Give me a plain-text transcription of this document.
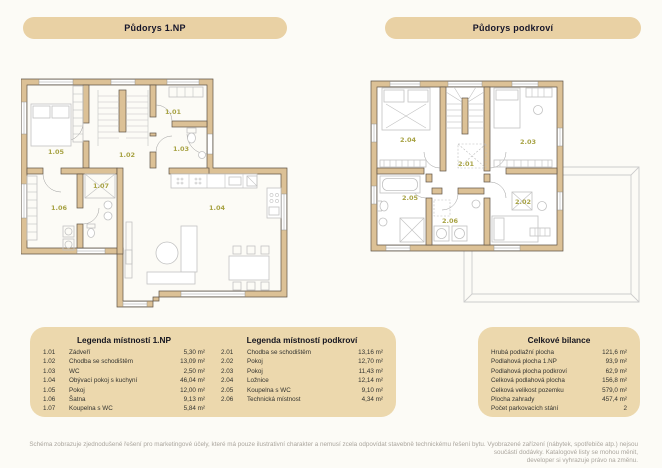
Půdorys 1.NP	Půdorys podkroví
1.01
1.02
1.03
1.04
1.05
1.06
1.07
2.01
2.02
2.03
2.04
2.05
2.06
Legenda místností 1.NP
1.01	Zádveří	5,30 m²
1.02	Chodba se schodištěm	13,09 m²
1.03	WC	2,50 m²
1.04	Obývací pokoj s kuchyní	46,04 m²
1.05	Pokoj	12,00 m²
1.06	Šatna	9,13 m²
1.07	Koupelna s WC	5,84 m²
Legenda místností podkroví
2.01	Chodba se schodištěm	13,16 m²
2.02	Pokoj	12,70 m²
2.03	Pokoj	11,43 m²
2.04	Ložnice	12,14 m²
2.05	Koupelna s WC	9,10 m²
2.06	Technická místnost	4,34 m²
Celkové bilance
Hrubá podlažní plocha	121,6 m²
Podlahová plocha 1.NP	93,9 m²
Podlahová plocha podkroví	62,9 m²
Celková podlahová plocha	156,8 m²
Celková velikost pozemku	579,0 m²
Plocha zahrady	457,4 m²
Počet parkovacích stání	2
Schéma zobrazuje zjednodušené řešení pro marketingové účely, které má pouze ilustrativní charakter a nemusí zcela odpovídat stavebně technickému řešení bytu. Vyobrazené zařízení (nábytek, spotřebiče atp.) nejsou součástí dodávky. Katalogové listy se mohou měnit,
developer si vyhrazuje právo na změnu.
